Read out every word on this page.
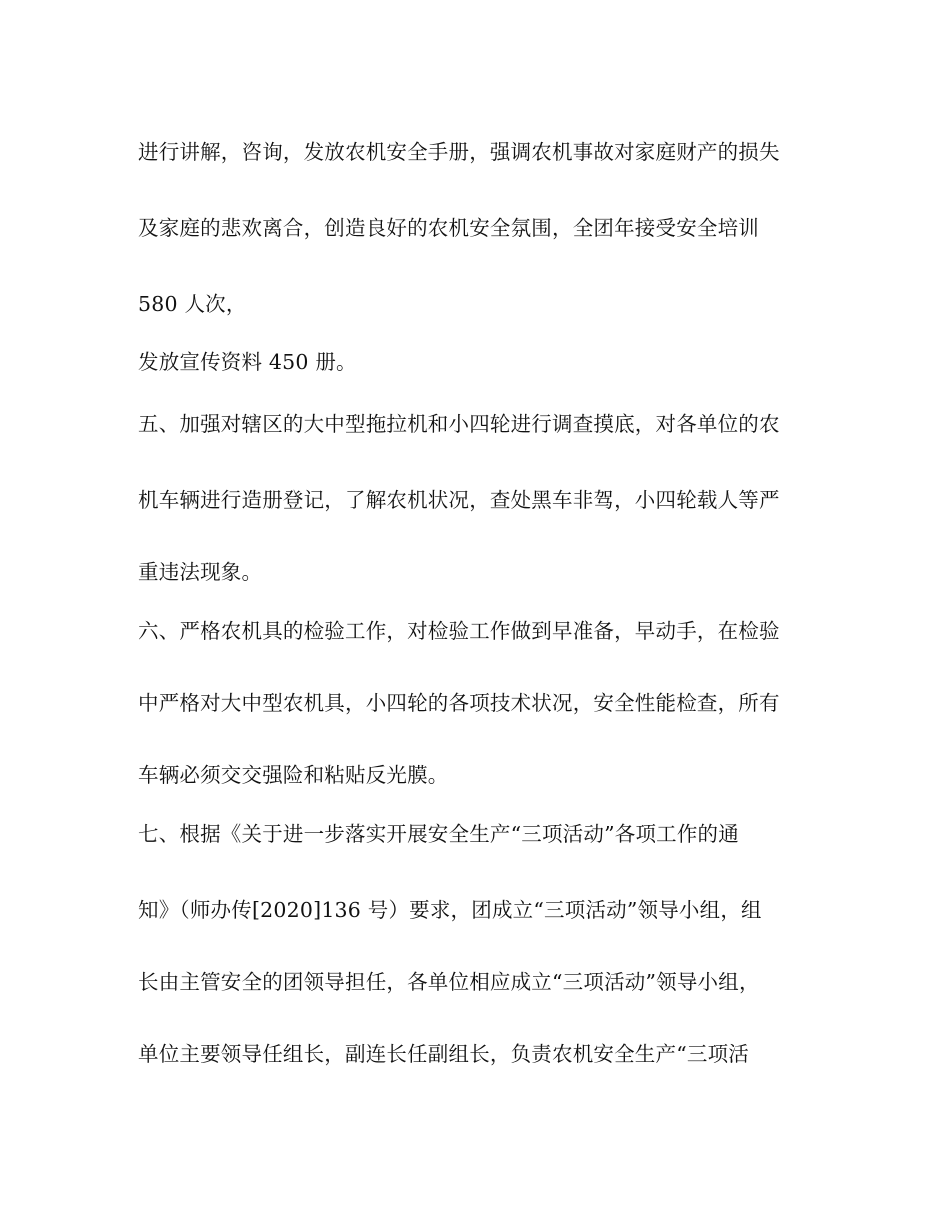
进行讲解，咨询，发放农机安全手册，强调农机事故对家庭财产的损失
及家庭的悲欢离合，创造良好的农机安全氛围，全团年接受安全培训
580 人次，
发放宣传资料 450 册。
五、加强对辖区的大中型拖拉机和小四轮进行调查摸底，对各单位的农
机车辆进行造册登记，了解农机状况，查处黑车非驾，小四轮载人等严
重违法现象。
六、严格农机具的检验工作，对检验工作做到早准备，早动手，在检验
中严格对大中型农机具，小四轮的各项技术状况，安全性能检查，所有
车辆必须交交强险和粘贴反光膜。
七、根据《关于进一步落实开展安全生产“三项活动”各项工作的通
知》（师办传[2020]136 号）要求，团成立“三项活动”领导小组，组
长由主管安全的团领导担任，各单位相应成立“三项活动”领导小组，
单位主要领导任组长，副连长任副组长，负责农机安全生产“三项活
